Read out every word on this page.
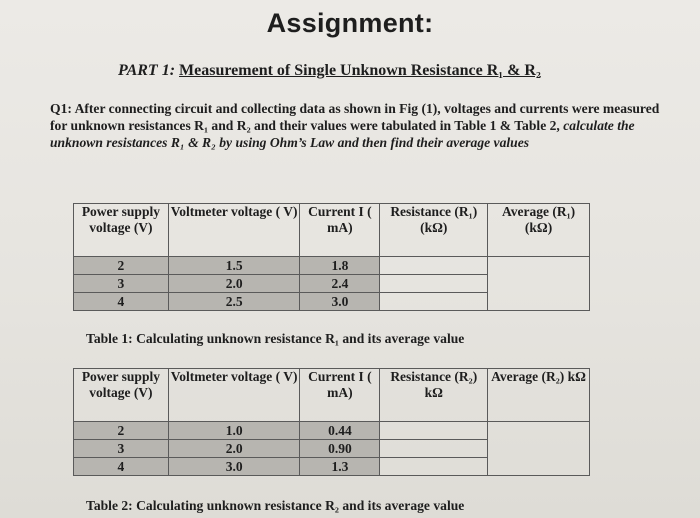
Assignment:
PART 1: Measurement of Single Unknown Resistance R₁ & R₂
Q1: After connecting circuit and collecting data as shown in Fig (1), voltages and currents were measured for unknown resistances R₁ and R₂ and their values were tabulated in Table 1 & Table 2, calculate the unknown resistances R₁ & R₂ by using Ohm’s Law and then find their average values
Power supply voltage (V)	Voltmeter voltage ( V)	Current I ( mA)	Resistance (R₁) (kΩ)	Average (R₁) (kΩ)
2	1.5	1.8		
3	2.0	2.4		
4	2.5	3.0		
Table 1: Calculating unknown resistance R₁ and its average value
Power supply voltage (V)	Voltmeter voltage ( V)	Current I ( mA)	Resistance (R₂) kΩ	Average (R₂) kΩ
2	1.0	0.44		
3	2.0	0.90		
4	3.0	1.3		
Table 2: Calculating unknown resistance R₂ and its average value
